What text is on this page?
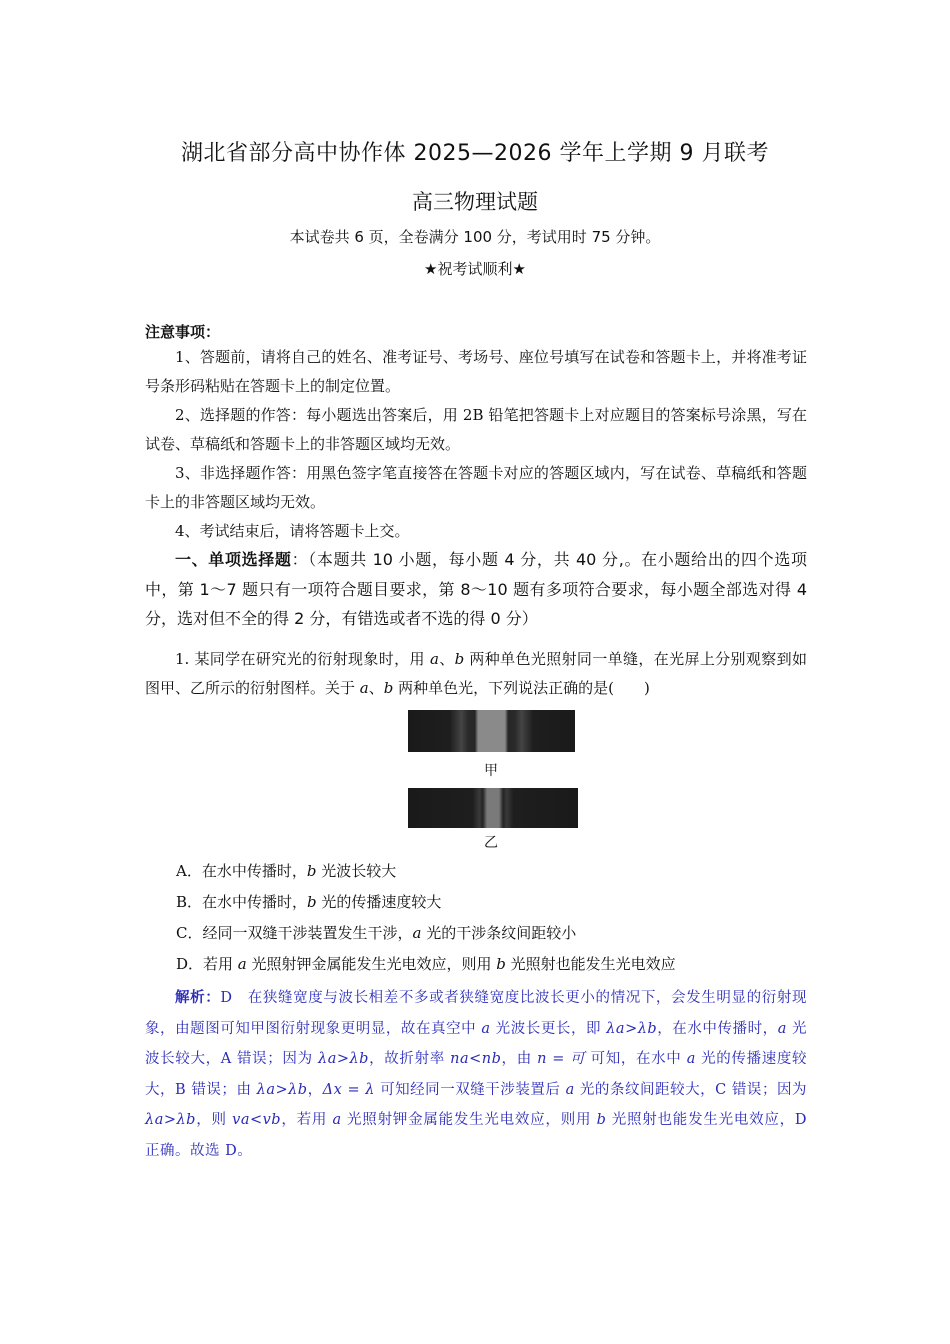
湖北省部分高中协作体 2025—2026 学年上学期 9 月联考
高三物理试题
本试卷共 6 页，全卷满分 100 分，考试用时 75 分钟。
★祝考试顺利★
注意事项：

1、答题前，请将自己的姓名、准考证号、考场号、座位号填写在试卷和答题卡上，并将准考证号条形码粘贴在答题卡上的制定位置。

2、选择题的作答：每小题选出答案后，用 2B 铅笔把答题卡上对应题目的答案标号涂黑，写在试卷、草稿纸和答题卡上的非答题区域均无效。

3、非选择题作答：用黑色签字笔直接答在答题卡对应的答题区域内，写在试卷、草稿纸和答题卡上的非答题区域均无效。

4、考试结束后，请将答题卡上交。

一、单项选择题：（本题共 10 小题，每小题 4 分，共 40 分,。在小题给出的四个选项中，第 1～7 题只有一项符合题目要求，第 8～10 题有多项符合要求，每小题全部选对得 4 分，选对但不全的得 2 分，有错选或者不选的得 0 分）

1. 某同学在研究光的衍射现象时，用 a、b 两种单色光照射同一单缝，在光屏上分别观察到如图甲、乙所示的衍射图样。关于 a、b 两种单色光，下列说法正确的是(　　)

甲
乙

A．在水中传播时，b 光波长较大

B．在水中传播时，b 光的传播速度较大

C．经同一双缝干涉装置发生干涉，a 光的干涉条纹间距较小

D．若用 a 光照射钾金属能发生光电效应，则用 b 光照射也能发生光电效应

解析：D　在狭缝宽度与波长相差不多或者狭缝宽度比波长更小的情况下，会发生明显的衍射现象，由题图可知甲图衍射现象更明显，故在真空中 a 光波长更长，即 λa>λb，在水中传播时，a 光波长较大，A 错误；因为 λa>λb，故折射率 na<nb，由 n = 可 可知，在水中 a 光的传播速度较大，B 错误；由 λa>λb，Δx = λ 可知经同一双缝干涉装置后 a 光的条纹间距较大，C 错误；因为 λa>λb，则 va<vb，若用 a 光照射钾金属能发生光电效应，则用 b 光照射也能发生光电效应，D 正确。故选 D。
